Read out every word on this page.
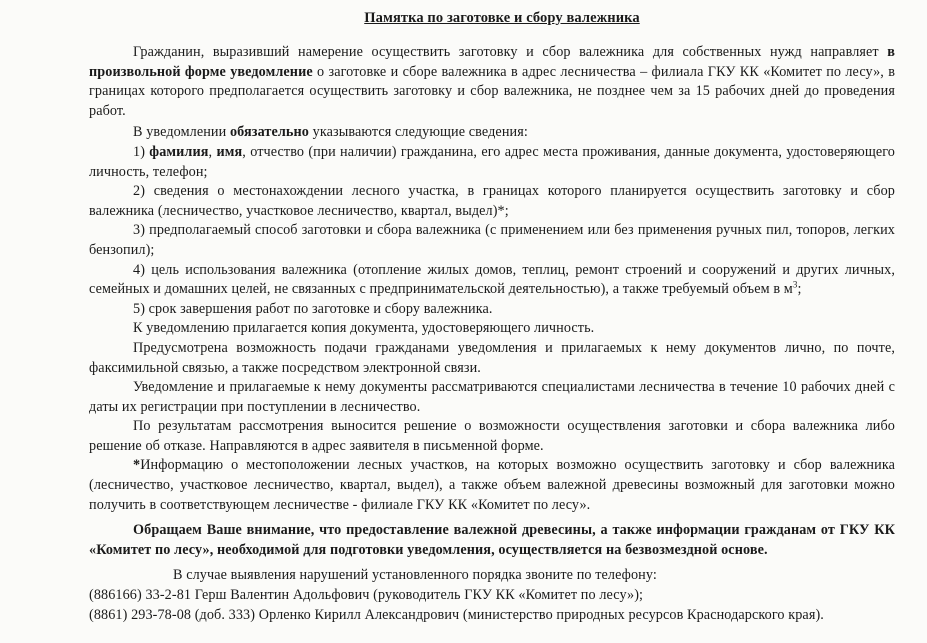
Памятка по заготовке и сбору валежника

Гражданин, выразивший намерение осуществить заготовку и сбор валежника для собственных нужд направляет в произвольной форме уведомление о заготовке и сборе валежника в адрес лесничества – филиала ГКУ КК «Комитет по лесу», в границах которого предполагается осуществить заготовку и сбор валежника, не позднее чем за 15 рабочих дней до проведения работ.

В уведомлении обязательно указываются следующие сведения:

1) фамилия, имя, отчество (при наличии) гражданина, его адрес места проживания, данные документа, удостоверяющего личность, телефон;

2) сведения о местонахождении лесного участка, в границах которого планируется осуществить заготовку и сбор валежника (лесничество, участковое лесничество, квартал, выдел)*;

3) предполагаемый способ заготовки и сбора валежника (с применением или без применения ручных пил, топоров, легких бензопил);

4) цель использования валежника (отопление жилых домов, теплиц, ремонт строений и сооружений и других личных, семейных и домашних целей, не связанных с предпринимательской деятельностью), а также требуемый объем в $м^3$;

5) срок завершения работ по заготовке и сбору валежника.

К уведомлению прилагается копия документа, удостоверяющего личность.

Предусмотрена возможность подачи гражданами уведомления и прилагаемых к нему документов лично, по почте, факсимильной связью, а также посредством электронной связи.

Уведомление и прилагаемые к нему документы рассматриваются специалистами лесничества в течение 10 рабочих дней с даты их регистрации при поступлении в лесничество.

По результатам рассмотрения выносится решение о возможности осуществления заготовки и сбора валежника либо решение об отказе. Направляются в адрес заявителя в письменной форме.

*Информацию о местоположении лесных участков, на которых возможно осуществить заготовку и сбор валежника (лесничество, участковое лесничество, квартал, выдел), а также объем валежной древесины возможный для заготовки можно получить в соответствующем лесничестве - филиале ГКУ КК «Комитет по лесу».

Обращаем Ваше внимание, что предоставление валежной древесины, а также информации гражданам от ГКУ КК «Комитет по лесу», необходимой для подготовки уведомления, осуществляется на безвозмездной основе.

В случае выявления нарушений установленного порядка звоните по телефону:

(886166) 33-2-81 Герш Валентин Адольфович (руководитель ГКУ КК «Комитет по лесу»);

(8861) 293-78-08 (доб. 333) Орленко Кирилл Александрович (министерство природных ресурсов Краснодарского края).
